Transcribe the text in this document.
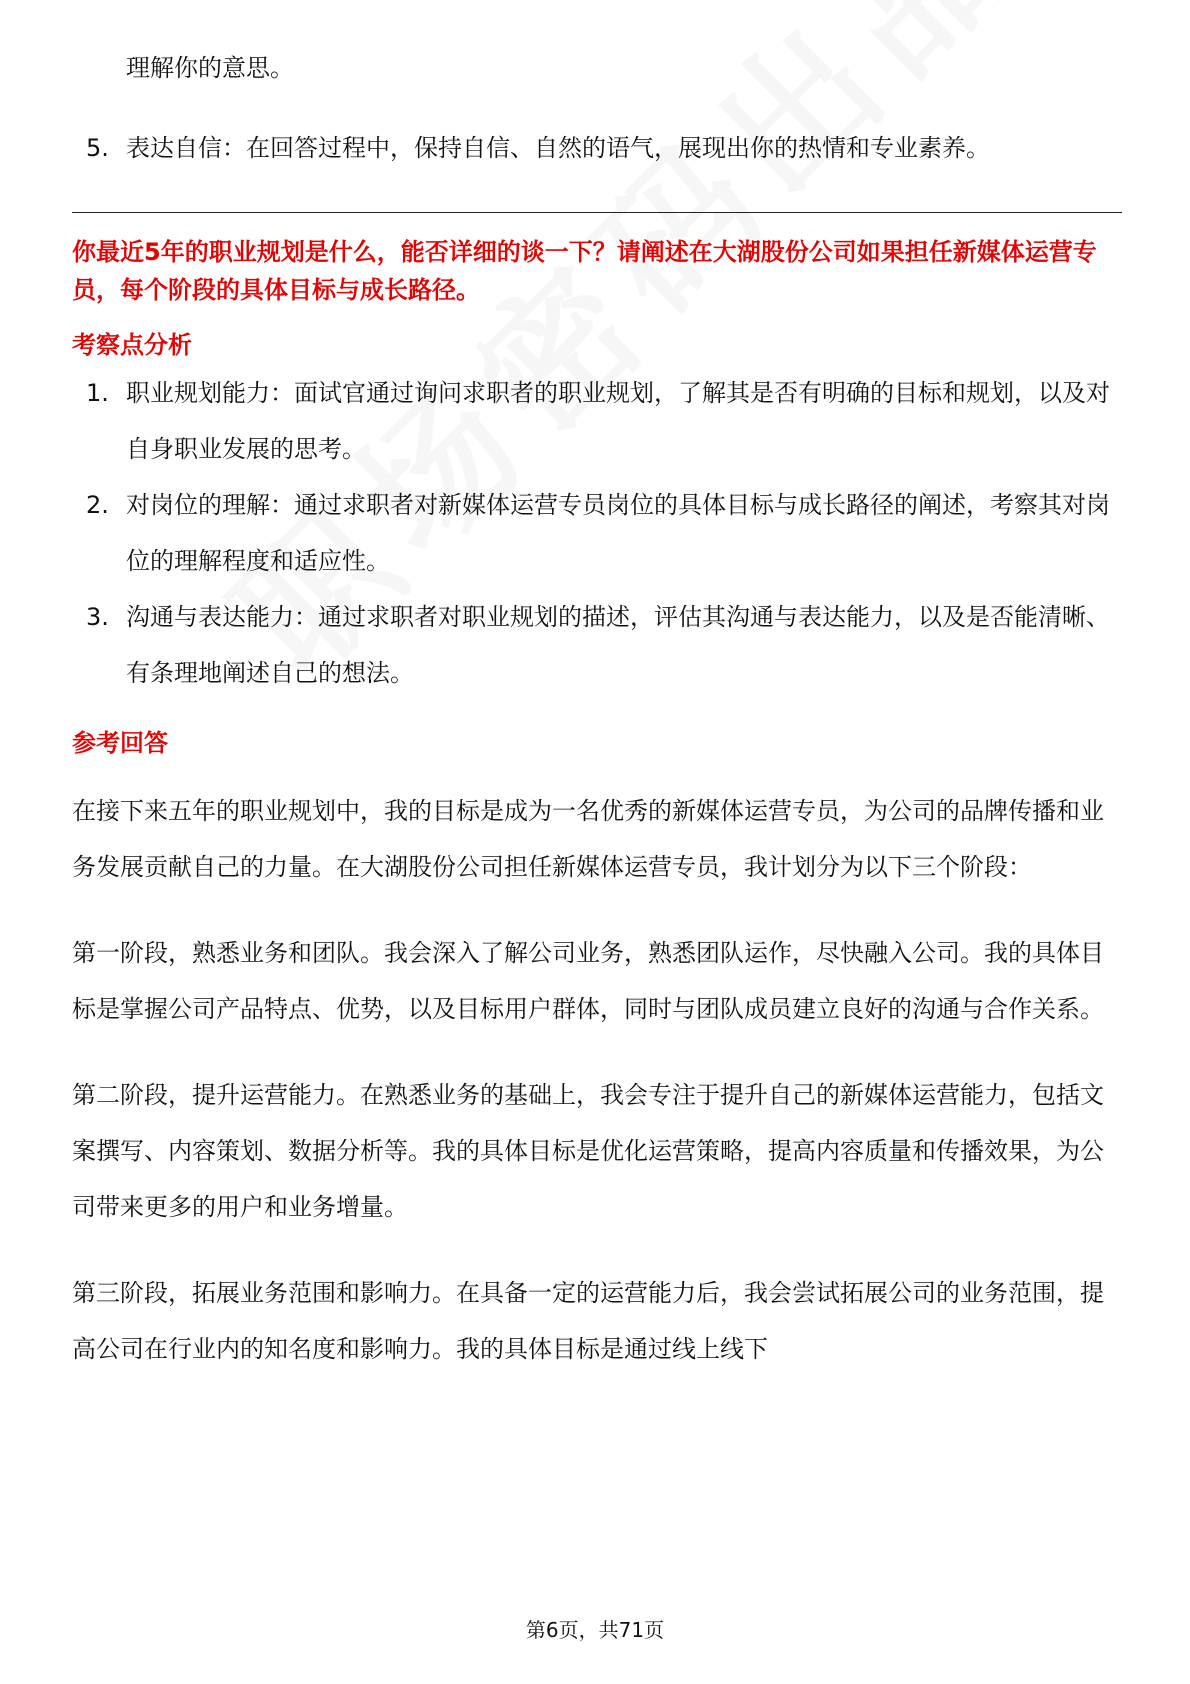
理解你的意思。

5. 表达自信：在回答过程中，保持自信、自然的语气，展现出你的热情和专业素养。

你最近5年的职业规划是什么，能否详细的谈一下？请阐述在大湖股份公司如果担任新媒体运营专员，每个阶段的具体目标与成长路径。

考察点分析

1. 职业规划能力：面试官通过询问求职者的职业规划，了解其是否有明确的目标和规划，以及对自身职业发展的思考。
2. 对岗位的理解：通过求职者对新媒体运营专员岗位的具体目标与成长路径的阐述，考察其对岗位的理解程度和适应性。
3. 沟通与表达能力：通过求职者对职业规划的描述，评估其沟通与表达能力，以及是否能清晰、有条理地阐述自己的想法。

参考回答

在接下来五年的职业规划中，我的目标是成为一名优秀的新媒体运营专员，为公司的品牌传播和业务发展贡献自己的力量。在大湖股份公司担任新媒体运营专员，我计划分为以下三个阶段：

第一阶段，熟悉业务和团队。我会深入了解公司业务，熟悉团队运作，尽快融入公司。我的具体目标是掌握公司产品特点、优势，以及目标用户群体，同时与团队成员建立良好的沟通与合作关系。

第二阶段，提升运营能力。在熟悉业务的基础上，我会专注于提升自己的新媒体运营能力，包括文案撰写、内容策划、数据分析等。我的具体目标是优化运营策略，提高内容质量和传播效果，为公司带来更多的用户和业务增量。

第三阶段，拓展业务范围和影响力。在具备一定的运营能力后，我会尝试拓展公司的业务范围，提高公司在行业内的知名度和影响力。我的具体目标是通过线上线下

第6页，共71页
